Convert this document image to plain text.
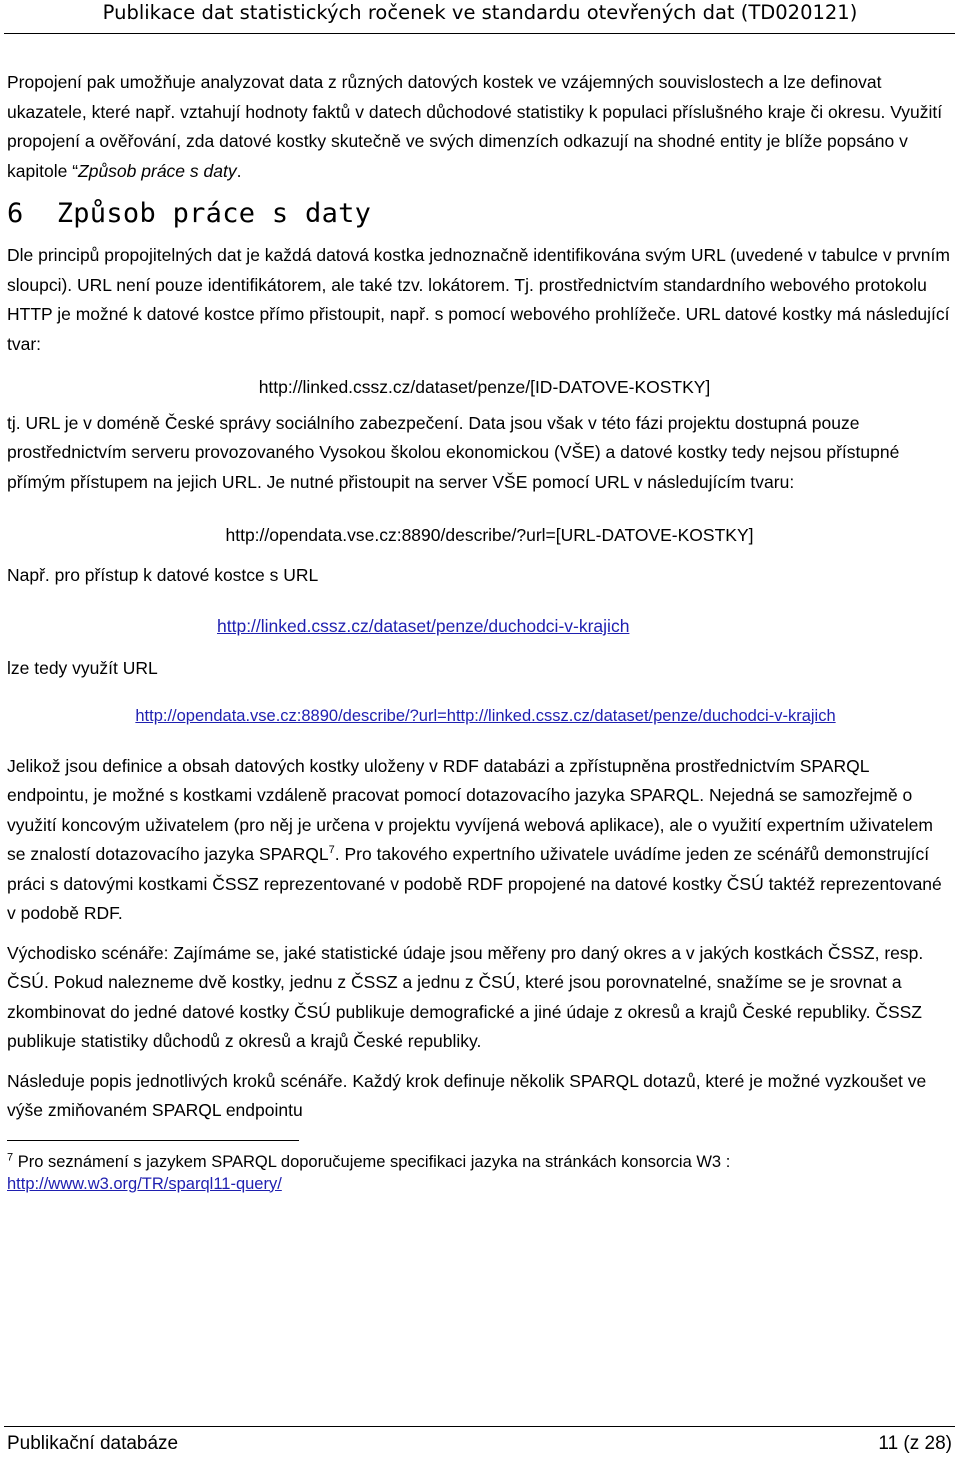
Publikace dat statistických ročenek ve standardu otevřených dat (TD020121)

Propojení pak umožňuje analyzovat data z různých datových kostek ve vzájemných souvislostech a lze definovat ukazatele, které např. vztahují hodnoty faktů v datech důchodové statistiky k populaci příslušného kraje či okresu. Využití propojení a ověřování, zda datové kostky skutečně ve svých dimenzích odkazují na shodné entity je blíže popsáno v kapitole “Způsob práce s daty.

6 Způsob práce s daty

Dle principů propojitelných dat je každá datová kostka jednoznačně identifikována svým URL (uvedené v tabulce v prvním sloupci). URL není pouze identifikátorem, ale také tzv. lokátorem. Tj. prostřednictvím standardního webového protokolu HTTP je možné k datové kostce přímo přistoupit, např. s pomocí webového prohlížeče. URL datové kostky má následující tvar:

http://linked.cssz.cz/dataset/penze/[ID-DATOVE-KOSTKY]

tj. URL je v doméně České správy sociálního zabezpečení. Data jsou však v této fázi projektu dostupná pouze prostřednictvím serveru provozovaného Vysokou školou ekonomickou (VŠE) a datové kostky tedy nejsou přístupné přímým přístupem na jejich URL. Je nutné přistoupit na server VŠE pomocí URL v následujícím tvaru:

http://opendata.vse.cz:8890/describe/?url=[URL-DATOVE-KOSTKY]

Např. pro přístup k datové kostce s URL

http://linked.cssz.cz/dataset/penze/duchodci-v-krajich

lze tedy využít URL

http://opendata.vse.cz:8890/describe/?url=http://linked.cssz.cz/dataset/penze/duchodci-v-krajich

Jelikož jsou definice a obsah datových kostky uloženy v RDF databázi a zpřístupněna prostřednictvím SPARQL endpointu, je možné s kostkami vzdáleně pracovat pomocí dotazovacího jazyka SPARQL. Nejedná se samozřejmě o využití koncovým uživatelem (pro něj je určena v projektu vyvíjená webová aplikace), ale o využití expertním uživatelem se znalostí dotazovacího jazyka SPARQL$^7$. Pro takového expertního uživatele uvádíme jeden ze scénářů demonstrující práci s datovými kostkami ČSSZ reprezentované v podobě RDF propojené na datové kostky ČSÚ taktéž reprezentované v podobě RDF.

Východisko scénáře: Zajímáme se, jaké statistické údaje jsou měřeny pro daný okres a v jakých kostkách ČSSZ, resp. ČSÚ. Pokud nalezneme dvě kostky, jednu z ČSSZ a jednu z ČSÚ, které jsou porovnatelné, snažíme se je srovnat a zkombinovat do jedné datové kostky ČSÚ publikuje demografické a jiné údaje z okresů a krajů České republiky. ČSSZ publikuje statistiky důchodů z okresů a krajů České republiky.

Následuje popis jednotlivých kroků scénáře. Každý krok definuje několik SPARQL dotazů, které je možné vyzkoušet ve výše zmiňovaném SPARQL endpointu

$^7$ Pro seznámení s jazykem SPARQL doporučujeme specifikaci jazyka na stránkách konsorcia W3 :
http://www.w3.org/TR/sparql11-query/

Publikační databáze	11 (z 28)
